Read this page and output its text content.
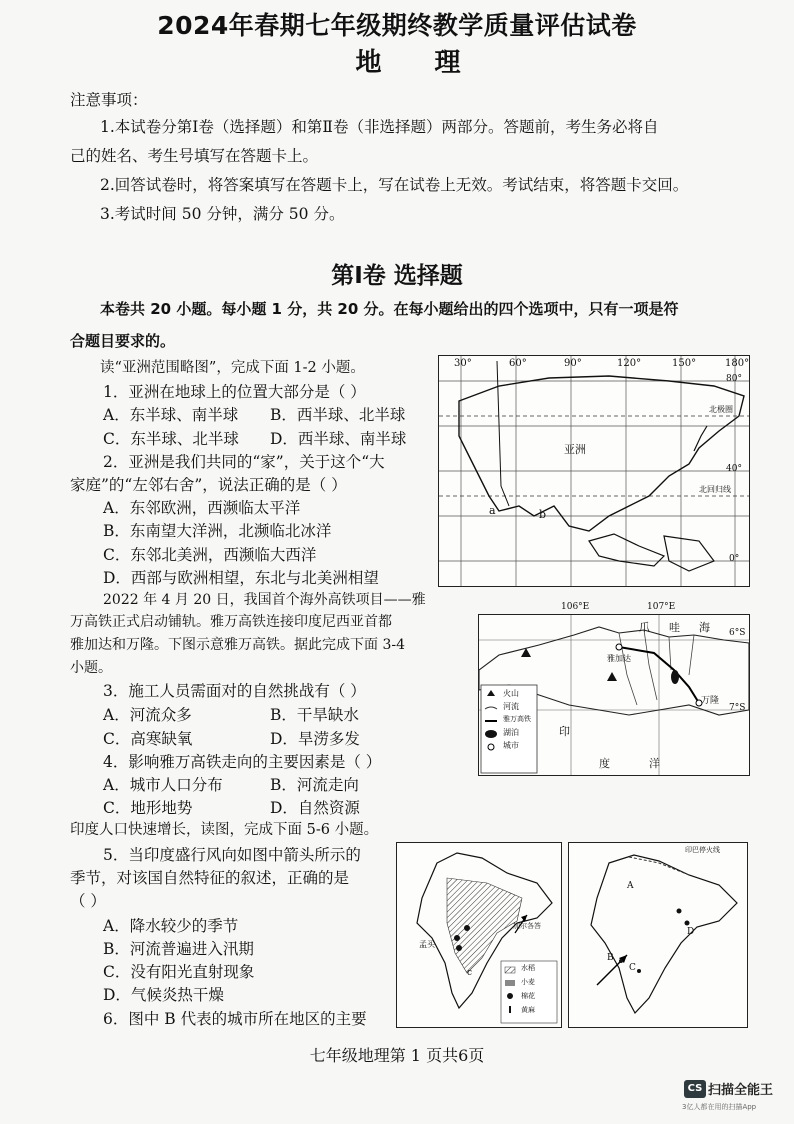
2024年春期七年级期终教学质量评估试卷
地 理
注意事项：
1.本试卷分第Ⅰ卷（选择题）和第Ⅱ卷（非选择题）两部分。答题前，考生务必将自
己的姓名、考生号填写在答题卡上。
2.回答试卷时，将答案填写在答题卡上，写在试卷上无效。考试结束，将答题卡交回。
3.考试时间 50 分钟，满分 50 分。
第Ⅰ卷 选择题
本卷共 20 小题。每小题 1 分，共 20 分。在每小题给出的四个选项中，只有一项是符
合题目要求的。
读“亚洲范围略图”，完成下面 1-2 小题。
1．亚洲在地球上的位置大部分是（ ）
A．东半球、南半球 B．西半球、北半球
C．东半球、北半球 D．西半球、南半球
2．亚洲是我们共同的“家”，关于这个“大
家庭”的“左邻右舍”，说法正确的是（ ）
A．东邻欧洲，西濒临太平洋
B．东南望大洋洲，北濒临北冰洋
C．东邻北美洲，西濒临大西洋
D．西部与欧洲相望，东北与北美洲相望
2022 年 4 月 20 日，我国首个海外高铁项目——雅
万高铁正式启动铺轨。雅万高铁连接印度尼西亚首都
雅加达和万隆。下图示意雅万高铁。据此完成下面 3-4
小题。
3．施工人员需面对的自然挑战有（ ）
A．河流众多	B．干旱缺水
C．高寒缺氧	D．旱涝多发
4．影响雅万高铁走向的主要因素是（ ）
A．城市人口分布	B．河流走向
C．地形地势	D．自然资源
印度人口快速增长，读图，完成下面 5-6 小题。
5．当印度盛行风向如图中箭头所示的
季节，对该国自然特征的叙述，正确的是
（ ）
A．降水较少的季节
B．河流普遍进入汛期
C．没有阳光直射现象
D．气候炎热干燥
6．图中 B 代表的城市所在地区的主要
30°	60°	90°	120°	150°	180°
80°
40°
0°
北极圈
北回归线
亚洲
a	b
106°E	107°E
6°S
7°S
爪 哇 海
印
度	洋
雅加达
万隆
火山
河流
雅万高铁
湖泊
城市
孟买
加尔各答
c	水稻
小麦
棉花
黄麻
印巴停火线
A
B
C
D
七年级地理第 1 页共6页
CS 扫描全能王
3亿人都在用的扫描App
